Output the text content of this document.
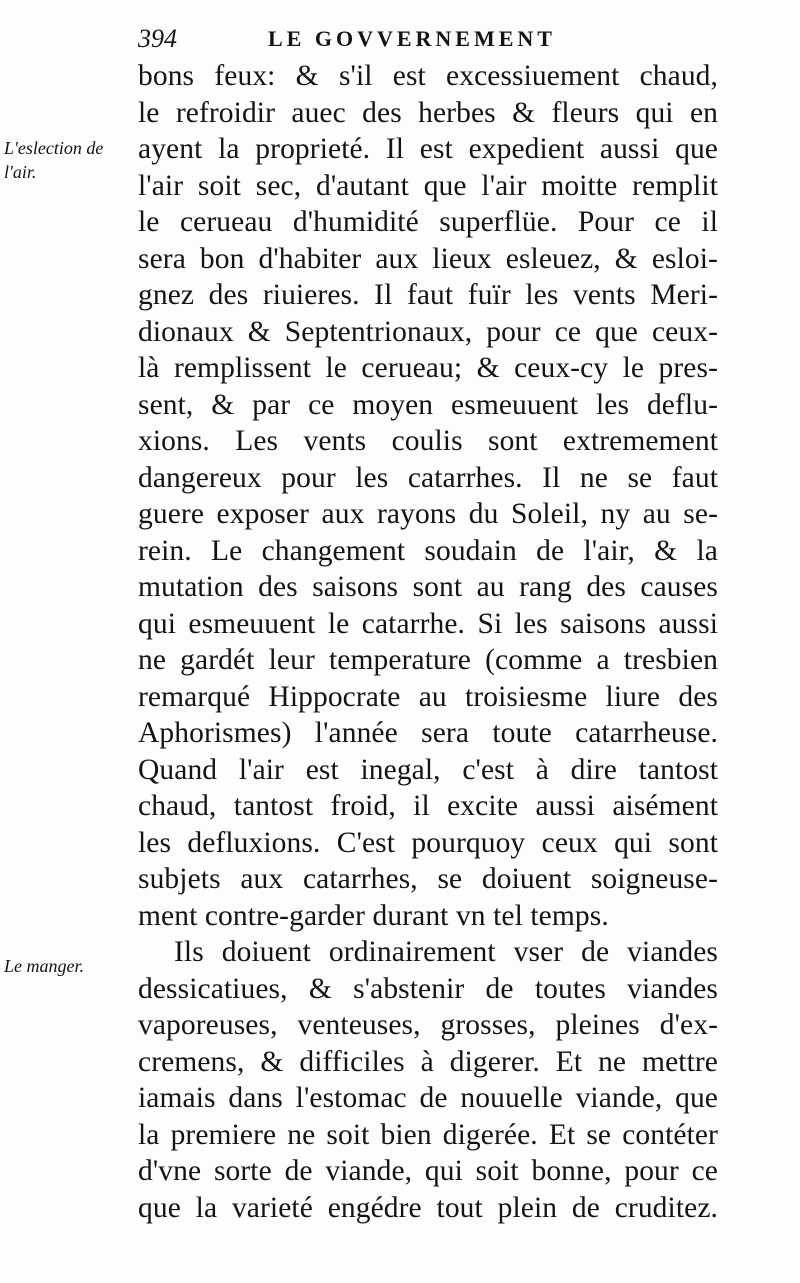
394	LE GOVVERNEMENT
L'eslection de
l'air.
Le manger.
bons feux: & s'il est excessiuement chaud,
le refroidir auec des herbes & fleurs qui en
ayent la proprieté. Il est expedient aussi que
l'air soit sec, d'autant que l'air moitte remplit
le cerueau d'humidité superflüe. Pour ce il
sera bon d'habiter aux lieux esleuez, & esloi-
gnez des riuieres. Il faut fuïr les vents Meri-
dionaux & Septentrionaux, pour ce que ceux-
là remplissent le cerueau; & ceux-cy le pres-
sent, & par ce moyen esmeuuent les deflu-
xions. Les vents coulis sont extremement
dangereux pour les catarrhes. Il ne se faut
guere exposer aux rayons du Soleil, ny au se-
rein. Le changement soudain de l'air, & la
mutation des saisons sont au rang des causes
qui esmeuuent le catarrhe. Si les saisons aussi
ne gardét leur temperature (comme a tresbien
remarqué Hippocrate au troisiesme liure des
Aphorismes) l'année sera toute catarrheuse.
Quand l'air est inegal, c'est à dire tantost
chaud, tantost froid, il excite aussi aisément
les defluxions. C'est pourquoy ceux qui sont
subjets aux catarrhes, se doiuent soigneuse-
ment contre-garder durant vn tel temps.
Ils doiuent ordinairement vser de viandes
dessicatiues, & s'abstenir de toutes viandes
vaporeuses, venteuses, grosses, pleines d'ex-
cremens, & difficiles à digerer. Et ne mettre
iamais dans l'estomac de nouuelle viande, que
la premiere ne soit bien digerée. Et se contéter
d'vne sorte de viande, qui soit bonne, pour ce
que la varieté engédre tout plein de cruditez.
